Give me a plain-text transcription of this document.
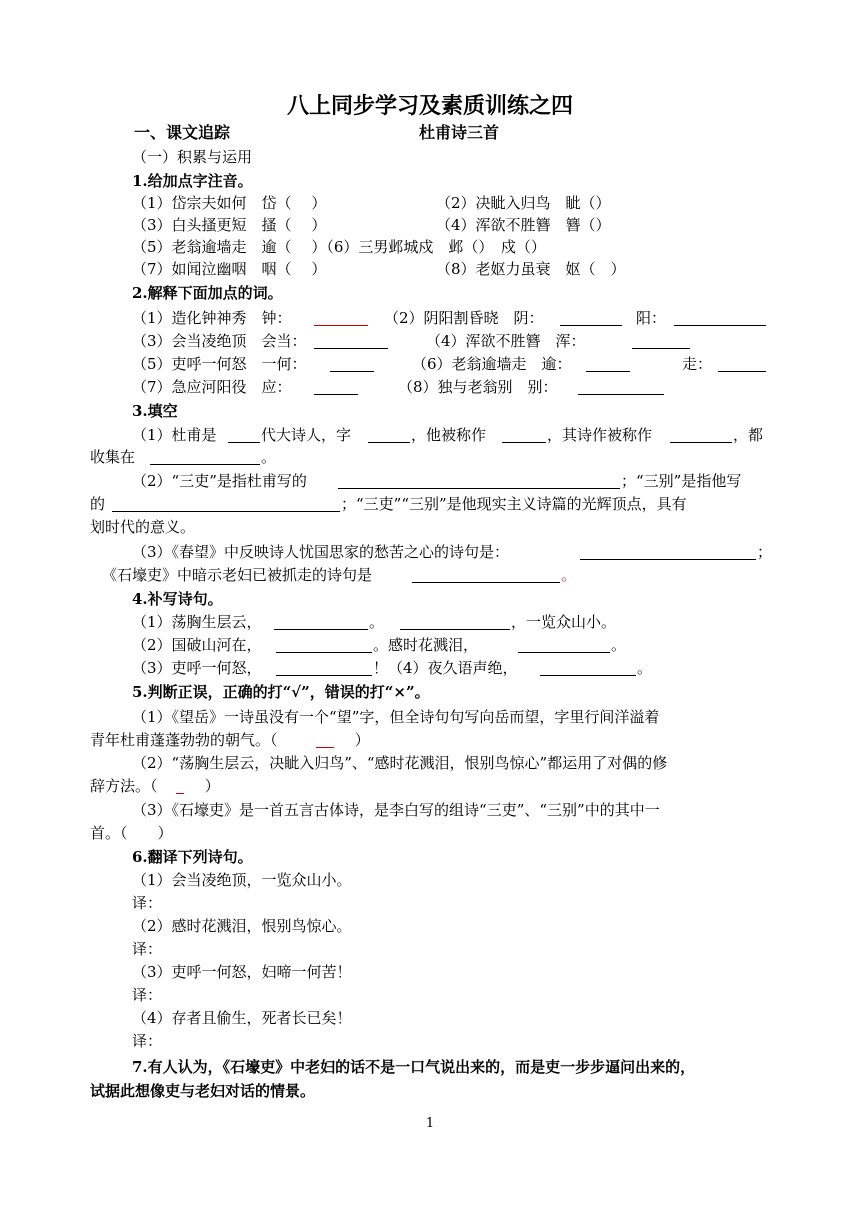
八上同步学习及素质训练之四
一、课文追踪	杜甫诗三首
（一）积累与运用
1.给加点字注音。
（1）岱宗夫如何　岱（　 ）	（2）决眦入归鸟　眦（）
（3）白头搔更短　搔（　 ）	（4）浑欲不胜簪　簪（）
（5）老翁逾墙走　逾（　 ）（6）三男邺城戍　邺（）　戍（）
（7）如闻泣幽咽　咽（　 ）	（8）老妪力虽衰　妪（　）
2.解释下面加点的词。
（1）造化钟神秀　钟：	（2）阴阳割昏晓　阴：	阳：
（3）会当凌绝顶　会当：	（4）浑欲不胜簪　浑：
（5）吏呼一何怒　一何：	（6）老翁逾墙走　逾：	走：
（7）急应河阳役　应：	（8）独与老翁别　别：
3.填空
（1）杜甫是	代大诗人，字	，他被称作	，其诗作被称作	，都
收集在	。
（2）“三吏”是指杜甫写的	；“三别”是指他写
的	；“三吏”“三别”是他现实主义诗篇的光辉顶点，具有
划时代的意义。
（3）《春望》中反映诗人忧国思家的愁苦之心的诗句是：	；
《石壕吏》中暗示老妇已被抓走的诗句是	。
4.补写诗句。
（1）荡胸生层云，	。	，一览众山小。
（2）国破山河在，	。感时花溅泪，	。
（3）吏呼一何怒，	！（4）夜久语声绝，	。
5.判断正误，正确的打“√”，错误的打“×”。
（1）《望岳》一诗虽没有一个“望”字，但全诗句句写向岳而望，字里行间洋溢着
青年杜甫蓬蓬勃勃的朝气。（	　 ）
（2）“荡胸生层云，决眦入归鸟”、“感时花溅泪，恨别鸟惊心”都运用了对偶的修
辞方法。（ 　 ）
（3）《石壕吏》是一首五言古体诗，是李白写的组诗“三吏”、“三别”中的其中一
首。（　　）
6.翻译下列诗句。
（1）会当凌绝顶，一览众山小。
译：
（2）感时花溅泪，恨别鸟惊心。
译：
（3）吏呼一何怒，妇啼一何苦！
译：
（4）存者且偷生，死者长已矣！
译：
7.有人认为，《石壕吏》中老妇的话不是一口气说出来的，而是吏一步步逼问出来的，
试据此想像吏与老妇对话的情景。
1
